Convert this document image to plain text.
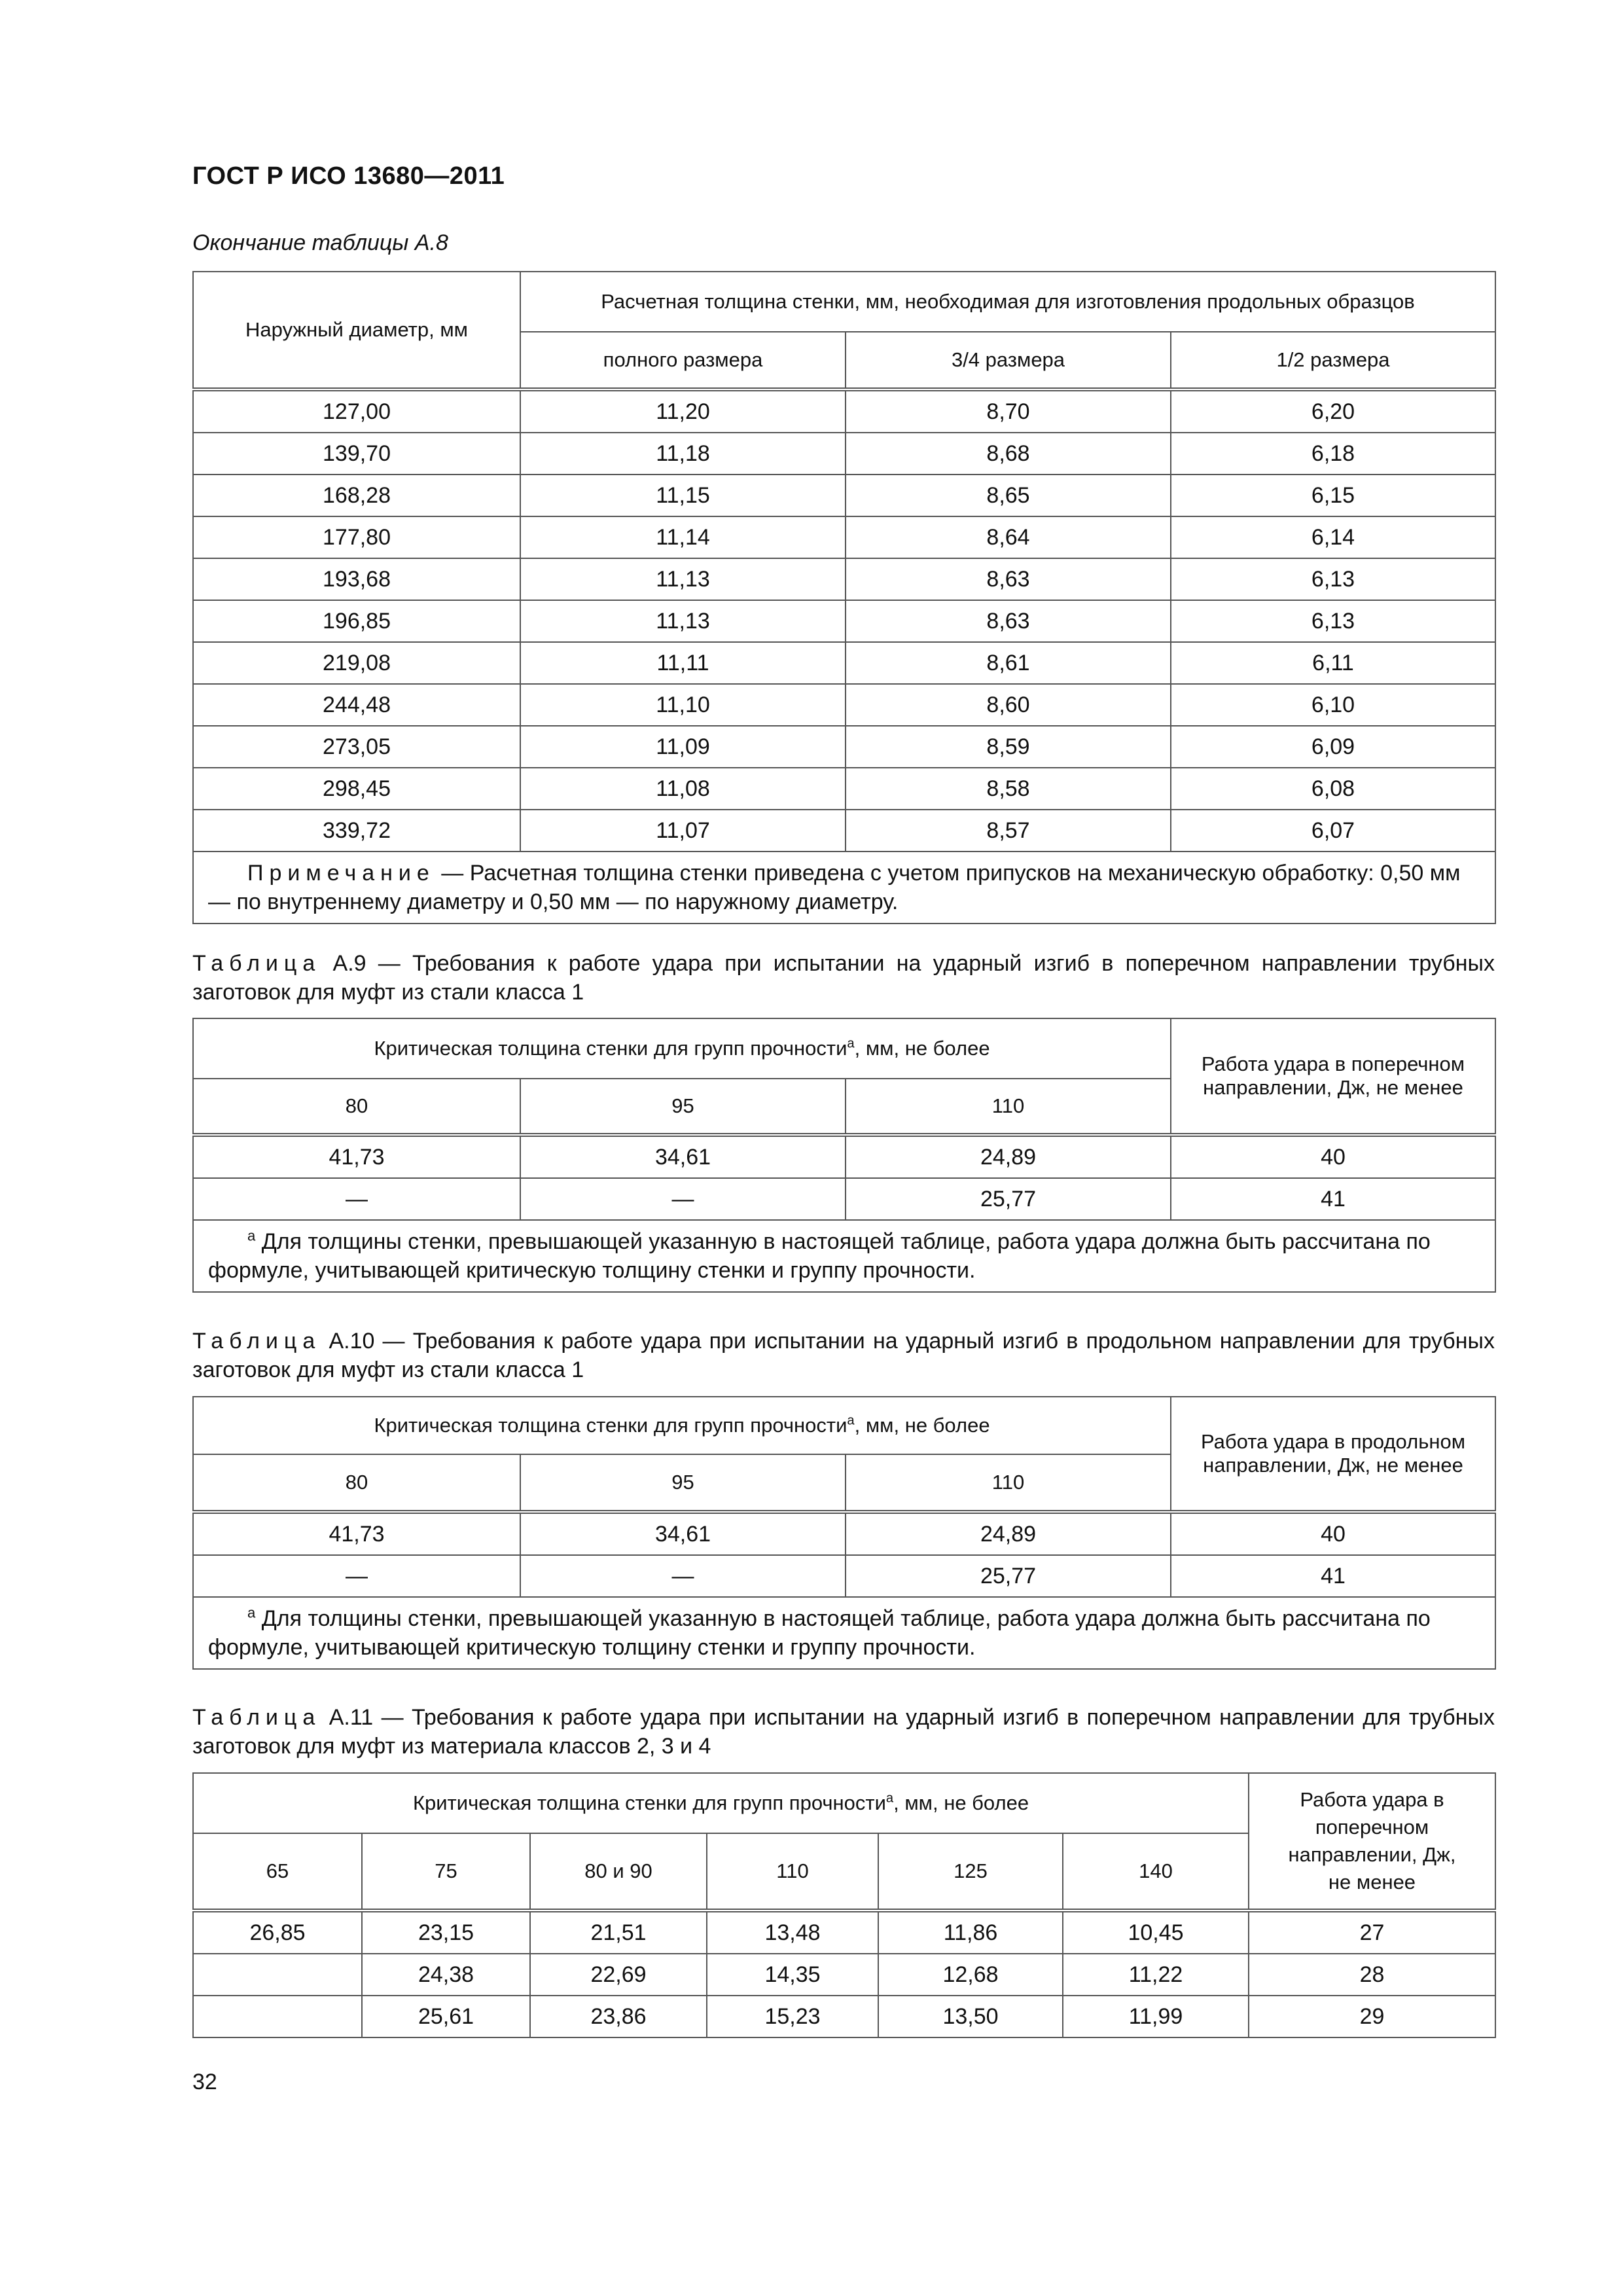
ГОСТ Р ИСО 13680—2011
Окончание таблицы А.8
Наружный диаметр, мм	Расчетная толщина стенки, мм, необходимая для изготовления продольных образцов		
	полного размера	3/4 размера	1/2 размера
127,00	11,20	8,70	6,20
139,70	11,18	8,68	6,18
168,28	11,15	8,65	6,15
177,80	11,14	8,64	6,14
193,68	11,13	8,63	6,13
196,85	11,13	8,63	6,13
219,08	11,11	8,61	6,11
244,48	11,10	8,60	6,10
273,05	11,09	8,59	6,09
298,45	11,08	8,58	6,08
339,72	11,07	8,57	6,07
Примечание — Расчетная толщина стенки приведена с учетом припусков на механическую обработку: 0,50 мм — по внутреннему диаметру и 0,50 мм — по наружному диаметру.			
Таблица А.9 — Требования к работе удара при испытании на ударный изгиб в поперечном направлении трубных заготовок для муфт из стали класса 1
Критическая толщина стенки для групп прочности$^a$, мм, не более			Работа удара в поперечном направлении, Дж, не менее
80	95	110	
41,73	34,61	24,89	40
—	—	25,77	41
$^a$ Для толщины стенки, превышающей указанную в настоящей таблице, работа удара должна быть рассчитана по формуле, учитывающей критическую толщину стенки и группу прочности.			
Таблица А.10 — Требования к работе удара при испытании на ударный изгиб в продольном направлении для трубных заготовок для муфт из стали класса 1
Критическая толщина стенки для групп прочности$^a$, мм, не более			Работа удара в продольном направлении, Дж, не менее
80	95	110	
41,73	34,61	24,89	40
—	—	25,77	41
$^a$ Для толщины стенки, превышающей указанную в настоящей таблице, работа удара должна быть рассчитана по формуле, учитывающей критическую толщину стенки и группу прочности.			
Таблица А.11 — Требования к работе удара при испытании на ударный изгиб в поперечном направлении для трубных заготовок для муфт из материала классов 2, 3 и 4
Критическая толщина стенки для групп прочности$^a$, мм, не более						Работа удара в поперечном направлении, Дж, не менее
65	75	80 и 90	110	125	140	
26,85	23,15	21,51	13,48	11,86	10,45	27
	24,38	22,69	14,35	12,68	11,22	28
	25,61	23,86	15,23	13,50	11,99	29
32
